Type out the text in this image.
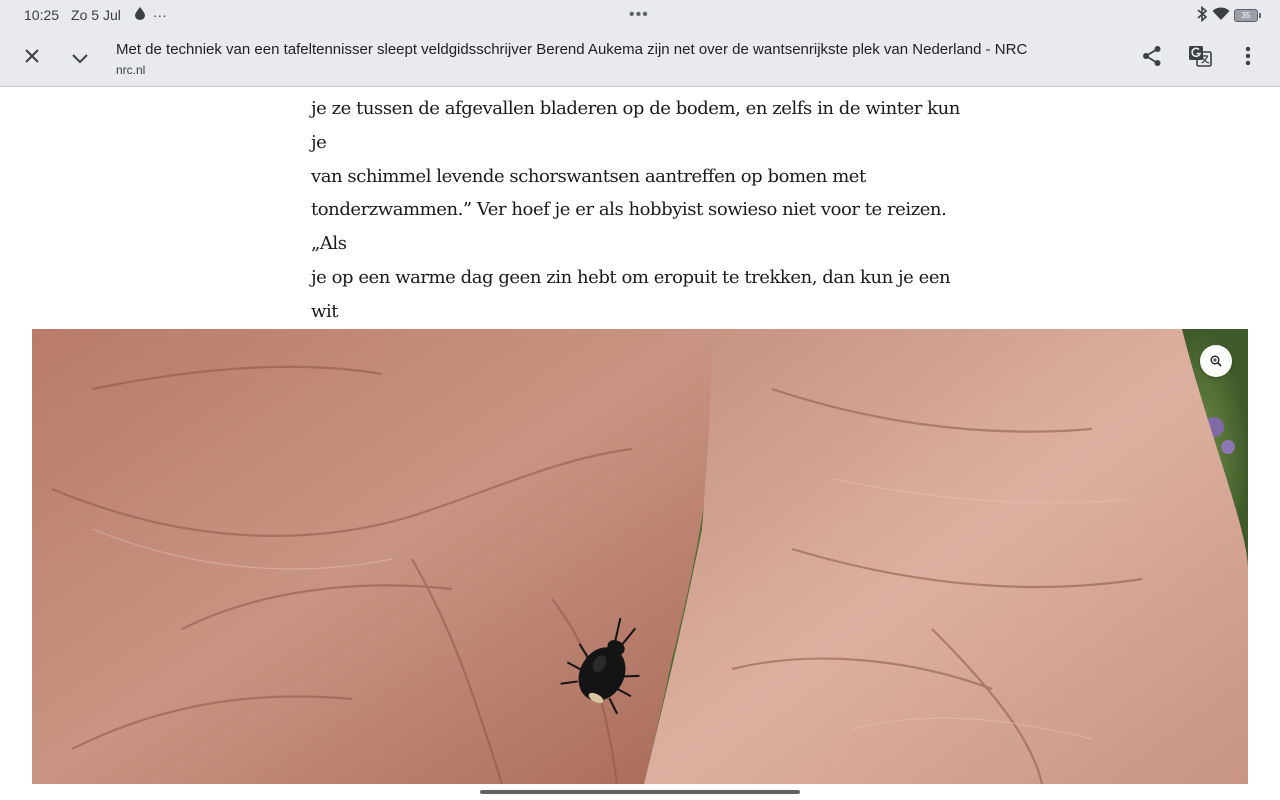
10:25 Zo 5 Jul ···	•••	35
Met de techniek van een tafeltennisser sleept veldgidsschrijver Berend Aukema zijn net over de wantsenrijkste plek van Nederland - NRC
nrc.nl

je ze tussen de afgevallen bladeren op de bodem, en zelfs in de winter kun je

van schimmel levende schorswantsen aantreffen op bomen met

tonderzwammen.” Ver hoef je er als hobbyist sowieso niet voor te reizen. „Als

je op een warme dag geen zin hebt om eropuit te trekken, dan kun je een wit
